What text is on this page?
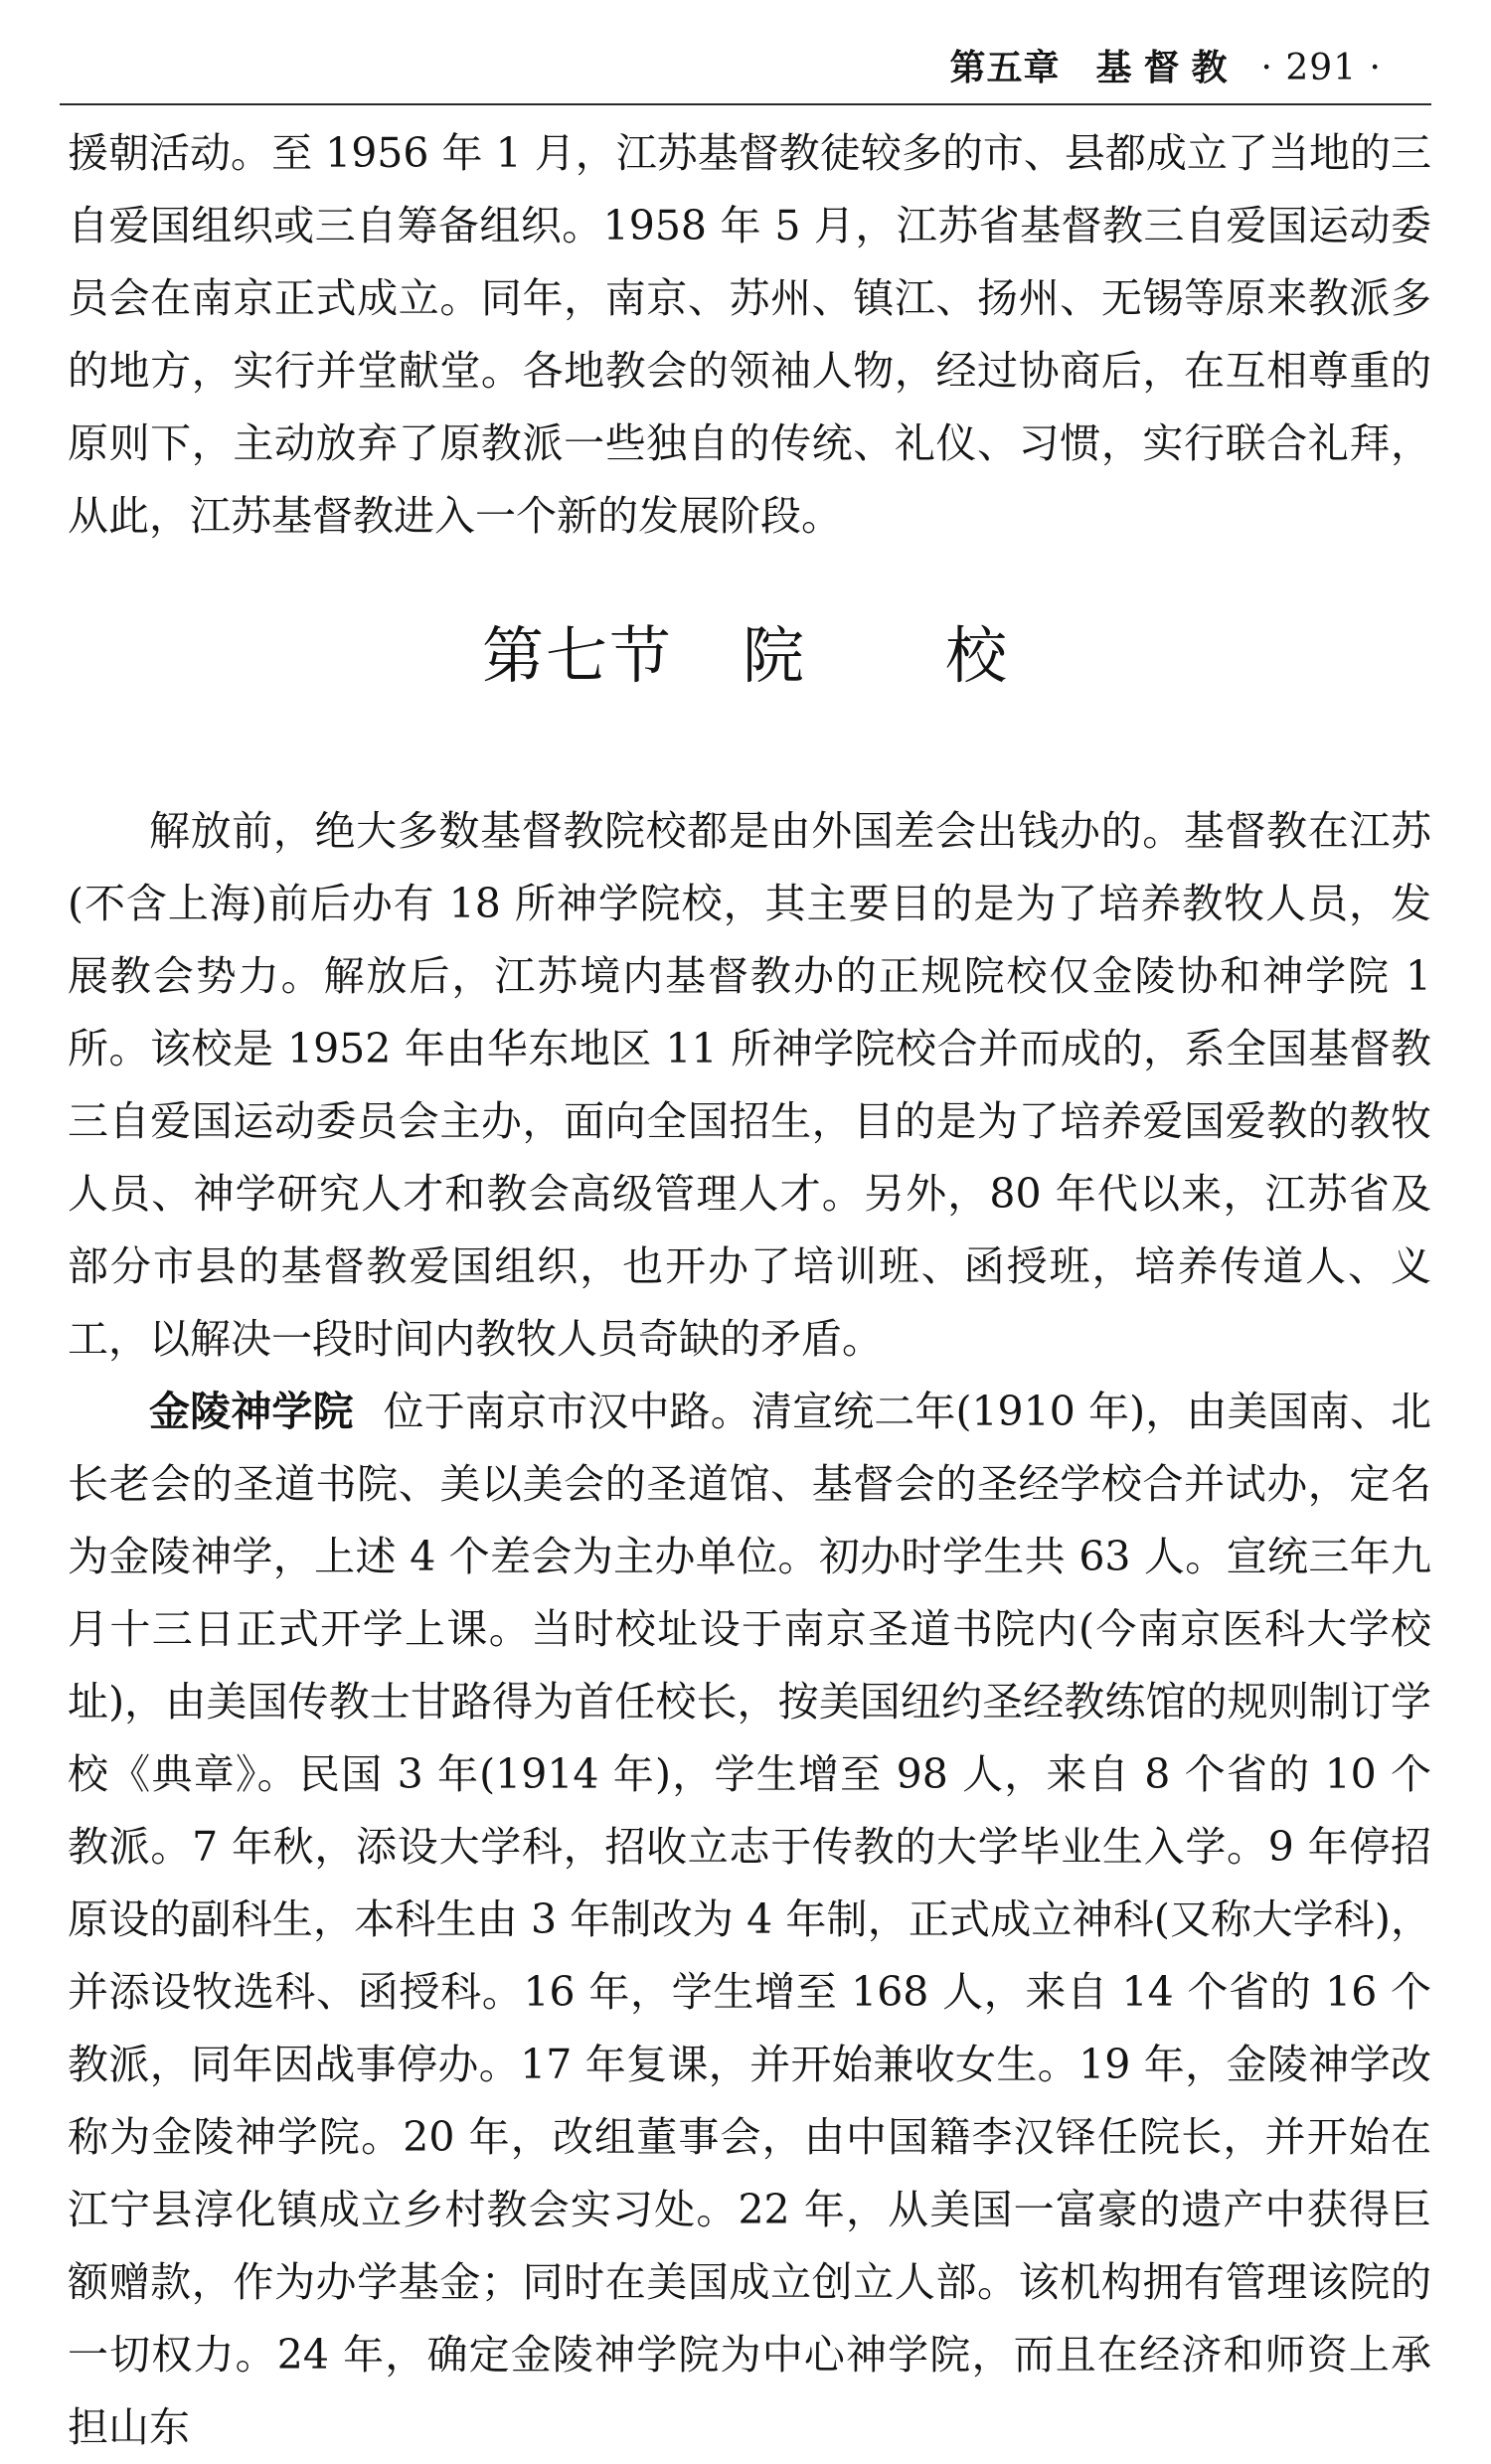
第五章 基督教 · 291 ·

援朝活动。至 1956 年 1 月，江苏基督教徒较多的市、县都成立了当地的三自爱国组织或三自筹备组织。1958 年 5 月，江苏省基督教三自爱国运动委员会在南京正式成立。同年，南京、苏州、镇江、扬州、无锡等原来教派多的地方，实行并堂献堂。各地教会的领袖人物，经过协商后，在互相尊重的原则下，主动放弃了原教派一些独自的传统、礼仪、习惯，实行联合礼拜，从此，江苏基督教进入一个新的发展阶段。

第七节 院 校

解放前，绝大多数基督教院校都是由外国差会出钱办的。基督教在江苏(不含上海)前后办有 18 所神学院校，其主要目的是为了培养教牧人员，发展教会势力。解放后，江苏境内基督教办的正规院校仅金陵协和神学院 1 所。该校是 1952 年由华东地区 11 所神学院校合并而成的，系全国基督教三自爱国运动委员会主办，面向全国招生，目的是为了培养爱国爱教的教牧人员、神学研究人才和教会高级管理人才。另外，80 年代以来，江苏省及部分市县的基督教爱国组织，也开办了培训班、函授班，培养传道人、义工，以解决一段时间内教牧人员奇缺的矛盾。

金陵神学院 位于南京市汉中路。清宣统二年(1910 年)，由美国南、北长老会的圣道书院、美以美会的圣道馆、基督会的圣经学校合并试办，定名为金陵神学，上述 4 个差会为主办单位。初办时学生共 63 人。宣统三年九月十三日正式开学上课。当时校址设于南京圣道书院内(今南京医科大学校址)，由美国传教士甘路得为首任校长，按美国纽约圣经教练馆的规则制订学校《典章》。民国 3 年(1914 年)，学生增至 98 人，来自 8 个省的 10 个教派。7 年秋，添设大学科，招收立志于传教的大学毕业生入学。9 年停招原设的副科生，本科生由 3 年制改为 4 年制，正式成立神科(又称大学科)，并添设牧选科、函授科。16 年，学生增至 168 人，来自 14 个省的 16 个教派，同年因战事停办。17 年复课，并开始兼收女生。19 年，金陵神学改称为金陵神学院。20 年，改组董事会，由中国籍李汉铎任院长，并开始在江宁县淳化镇成立乡村教会实习处。22 年，从美国一富豪的遗产中获得巨额赠款，作为办学基金；同时在美国成立创立人部。该机构拥有管理该院的一切权力。24 年，确定金陵神学院为中心神学院，而且在经济和师资上承担山东
